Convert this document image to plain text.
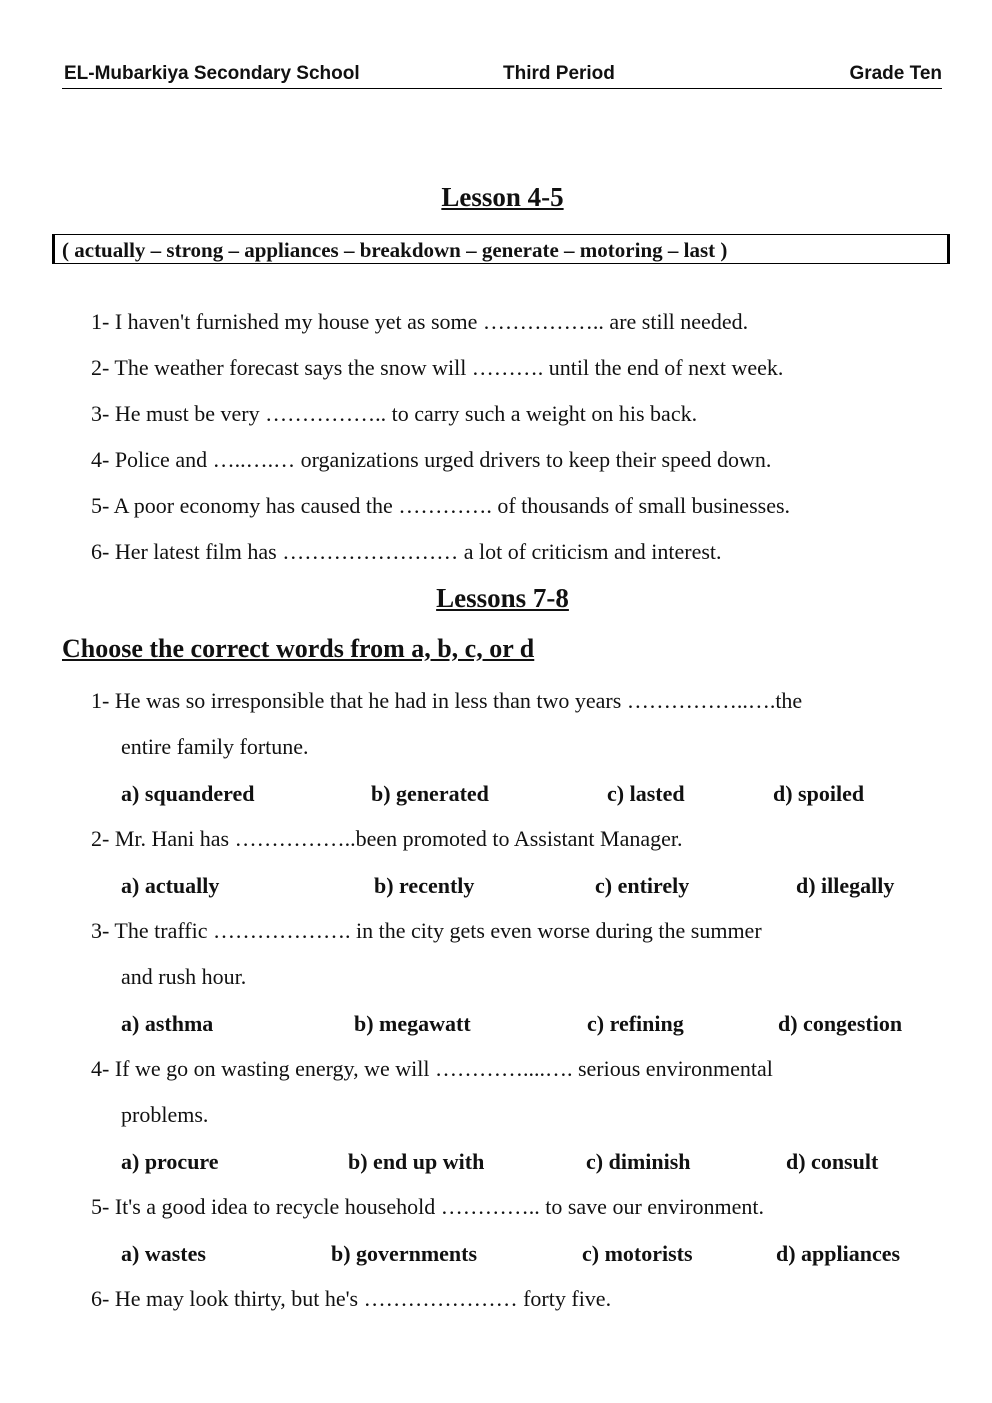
EL-Mubarkiya Secondary School	Third Period	Grade Ten
Lesson 4-5
( actually – strong – appliances – breakdown – generate – motoring – last )
1- I haven't furnished my house yet as some …………….. are still needed.
2- The weather forecast says the snow will ………. until the end of next week.
3- He must be very …………….. to carry such a weight on his back.
4- Police and …..….… organizations urged drivers to keep their speed down.
5- A poor economy has caused the …………. of thousands of small businesses.
6- Her latest film has …………………… a lot of criticism and interest.
Lessons 7-8
Choose the correct words from a, b, c, or d
1- He was so irresponsible that he had in less than two years ……………..….the
entire family fortune.
a) squandered	b) generated	c) lasted	d) spoiled
2- Mr. Hani has ……………..been promoted to Assistant Manager.
a) actually	b) recently	c) entirely	d) illegally
3- The traffic ………………. in the city gets even worse during the summer
and rush hour.
a) asthma	b) megawatt	c) refining	d) congestion
4- If we go on wasting energy, we will …………....…. serious environmental
problems.
a) procure	b) end up with	c) diminish	d) consult
5- It's a good idea to recycle household ………….. to save our environment.
a) wastes	b) governments	c) motorists	d) appliances
6- He may look thirty, but he's ………………… forty five.
